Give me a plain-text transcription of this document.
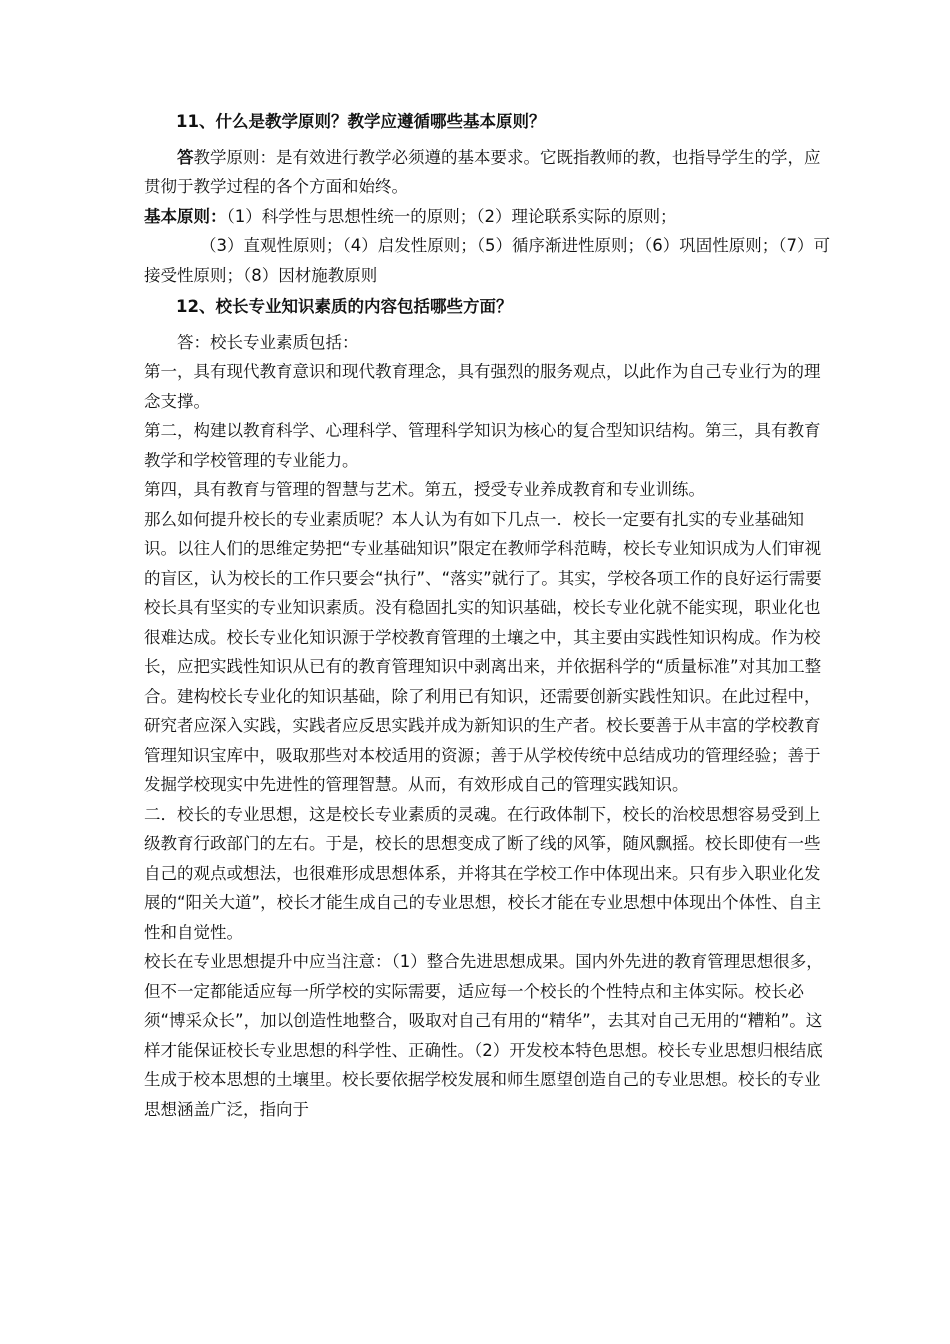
11、什么是教学原则？教学应遵循哪些基本原则？

答教学原则：是有效进行教学必须遵的基本要求。它既指教师的教，也指导学生的学，应贯彻于教学过程的各个方面和始终。

基本原则：（1）科学性与思想性统一的原则；（2）理论联系实际的原则；

（3）直观性原则；（4）启发性原则；（5）循序渐进性原则；（6）巩固性原则；（7）可接受性原则；（8）因材施教原则

12、校长专业知识素质的内容包括哪些方面？

答：校长专业素质包括：

第一，具有现代教育意识和现代教育理念，具有强烈的服务观点，以此作为自己专业行为的理念支撑。

第二，构建以教育科学、心理科学、管理科学知识为核心的复合型知识结构。第三，具有教育教学和学校管理的专业能力。

第四，具有教育与管理的智慧与艺术。第五，授受专业养成教育和专业训练。

那么如何提升校长的专业素质呢？本人认为有如下几点一．校长一定要有扎实的专业基础知识。以往人们的思维定势把“专业基础知识”限定在教师学科范畴，校长专业知识成为人们审视的盲区，认为校长的工作只要会“执行”、“落实”就行了。其实，学校各项工作的良好运行需要校长具有坚实的专业知识素质。没有稳固扎实的知识基础，校长专业化就不能实现，职业化也很难达成。校长专业化知识源于学校教育管理的土壤之中，其主要由实践性知识构成。作为校长，应把实践性知识从已有的教育管理知识中剥离出来，并依据科学的“质量标准”对其加工整合。建构校长专业化的知识基础，除了利用已有知识，还需要创新实践性知识。在此过程中，研究者应深入实践，实践者应反思实践并成为新知识的生产者。校长要善于从丰富的学校教育管理知识宝库中，吸取那些对本校适用的资源；善于从学校传统中总结成功的管理经验；善于发掘学校现实中先进性的管理智慧。从而，有效形成自己的管理实践知识。

二．校长的专业思想，这是校长专业素质的灵魂。在行政体制下，校长的治校思想容易受到上级教育行政部门的左右。于是，校长的思想变成了断了线的风筝，随风飘摇。校长即使有一些自己的观点或想法，也很难形成思想体系，并将其在学校工作中体现出来。只有步入职业化发展的“阳关大道”，校长才能生成自己的专业思想，校长才能在专业思想中体现出个体性、自主性和自觉性。

校长在专业思想提升中应当注意：（1）整合先进思想成果。国内外先进的教育管理思想很多，但不一定都能适应每一所学校的实际需要，适应每一个校长的个性特点和主体实际。校长必须“博采众长”，加以创造性地整合，吸取对自己有用的“精华”，去其对自己无用的“糟粕”。这样才能保证校长专业思想的科学性、正确性。（2）开发校本特色思想。校长专业思想归根结底生成于校本思想的土壤里。校长要依据学校发展和师生愿望创造自己的专业思想。校长的专业思想涵盖广泛，指向于
